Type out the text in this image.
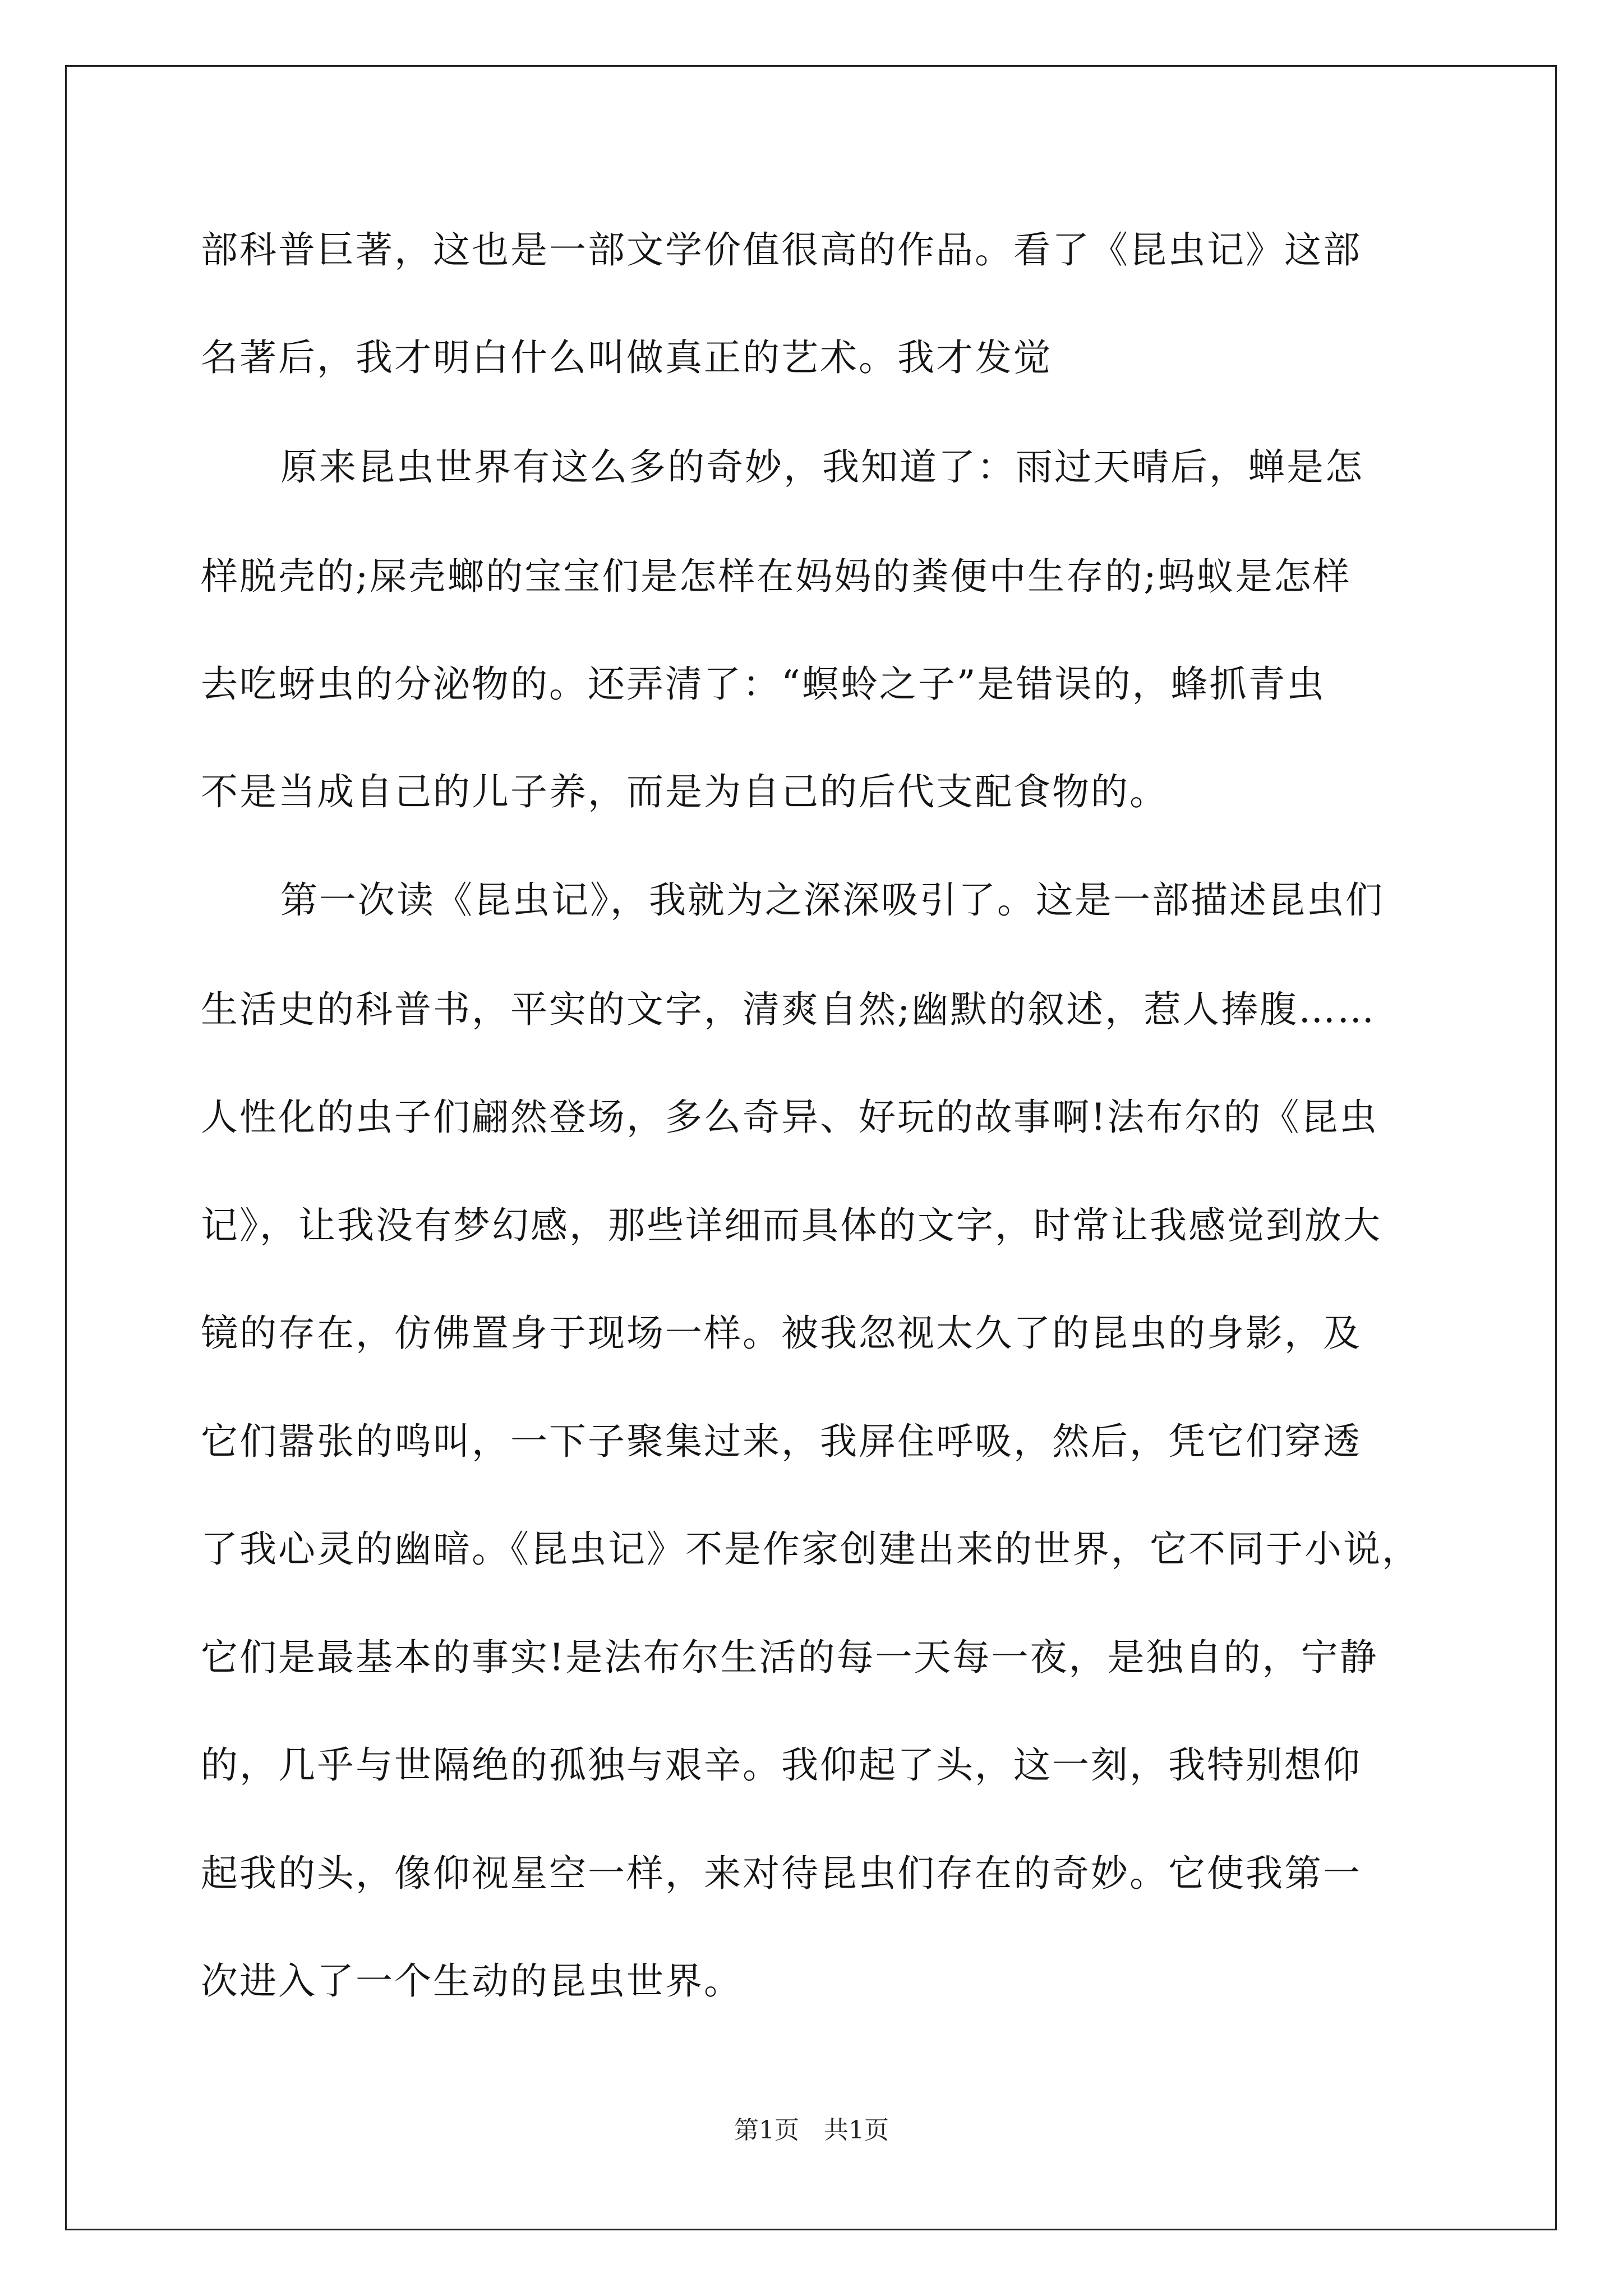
部科普巨著，这也是一部文学价值很高的作品。看了《昆虫记》这部
名著后，我才明白什么叫做真正的艺术。我才发觉
原来昆虫世界有这么多的奇妙，我知道了：雨过天晴后，蝉是怎
样脱壳的;屎壳螂的宝宝们是怎样在妈妈的粪便中生存的;蚂蚁是怎样
去吃蚜虫的分泌物的。还弄清了：“螟蛉之子”是错误的，蜂抓青虫
不是当成自己的儿子养，而是为自己的后代支配食物的。
第一次读《昆虫记》，我就为之深深吸引了。这是一部描述昆虫们
生活史的科普书，平实的文字，清爽自然;幽默的叙述，惹人捧腹……
人性化的虫子们翩然登场，多么奇异、好玩的故事啊!法布尔的《昆虫
记》，让我没有梦幻感，那些详细而具体的文字，时常让我感觉到放大
镜的存在，仿佛置身于现场一样。被我忽视太久了的昆虫的身影，及
它们嚣张的鸣叫，一下子聚集过来，我屏住呼吸，然后，凭它们穿透
了我心灵的幽暗。《昆虫记》不是作家创建出来的世界，它不同于小说，
它们是最基本的事实!是法布尔生活的每一天每一夜，是独自的，宁静
的，几乎与世隔绝的孤独与艰辛。我仰起了头，这一刻，我特别想仰
起我的头，像仰视星空一样，来对待昆虫们存在的奇妙。它使我第一
次进入了一个生动的昆虫世界。
第1页　共1页
